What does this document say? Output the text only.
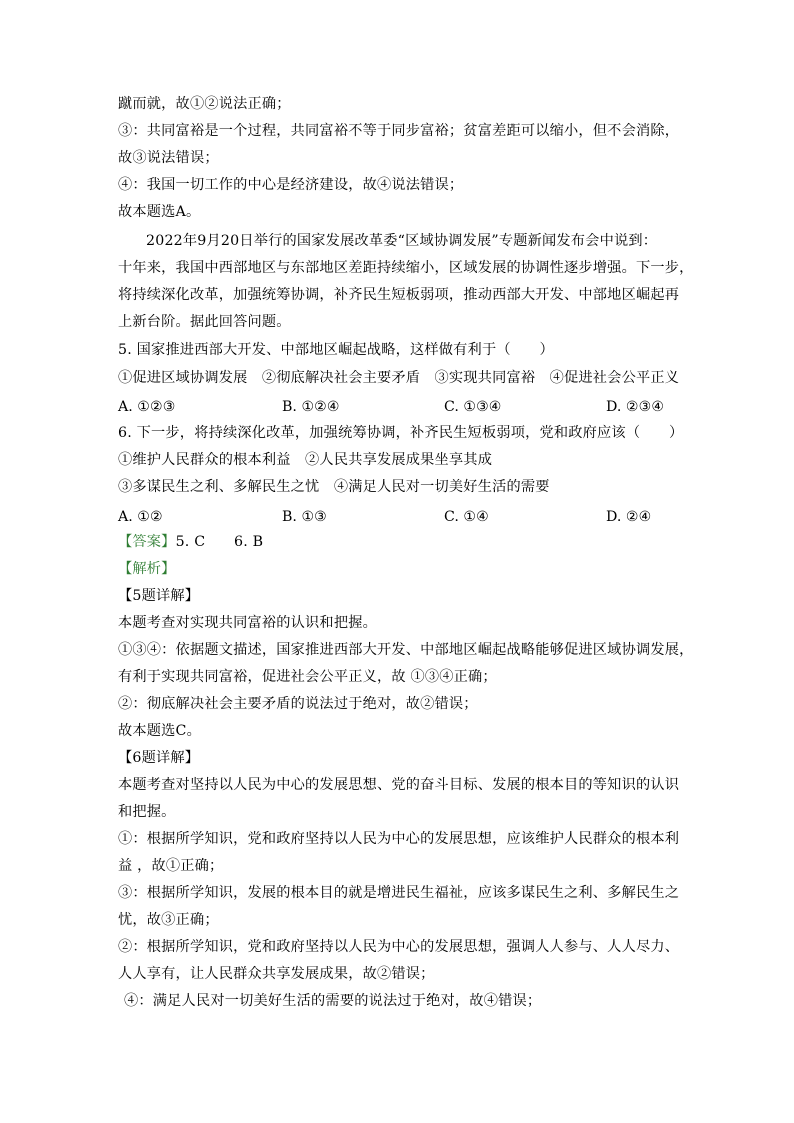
蹴而就，故①②说法正确；
③：共同富裕是一个过程，共同富裕不等于同步富裕；贫富差距可以缩小，但不会消除，
故③说法错误；
④：我国一切工作的中心是经济建设，故④说法错误；
故本题选A。
2022年9月20日举行的国家发展改革委“区域协调发展”专题新闻发布会中说到：
十年来，我国中西部地区与东部地区差距持续缩小，区域发展的协调性逐步增强。下一步，
将持续深化改革，加强统筹协调，补齐民生短板弱项，推动西部大开发、中部地区崛起再
上新台阶。据此回答问题。
5. 国家推进西部大开发、中部地区崛起战略，这样做有利于（　　）
①促进区域协调发展　②彻底解决社会主要矛盾　③实现共同富裕　④促进社会公平正义
A. ①②③	B. ①②④	C. ①③④	D. ②③④
6. 下一步，将持续深化改革，加强统筹协调，补齐民生短板弱项，党和政府应该（　　）
①维护人民群众的根本利益　②人民共享发展成果坐享其成
③多谋民生之利、多解民生之忧　④满足人民对一切美好生活的需要
A. ①②	B. ①③	C. ①④	D. ②④
【答案】5. C　　6. B
【解析】
【5题详解】
本题考查对实现共同富裕的认识和把握。
①③④：依据题文描述，国家推进西部大开发、中部地区崛起战略能够促进区域协调发展，
有利于实现共同富裕，促进社会公平正义，故 ①③④正确；
②：彻底解决社会主要矛盾的说法过于绝对，故②错误；
故本题选C。
【6题详解】
本题考查对坚持以人民为中心的发展思想、党的奋斗目标、发展的根本目的等知识的认识
和把握。
①：根据所学知识，党和政府坚持以人民为中心的发展思想，应该维护人民群众的根本利
益 ，故①正确；
③：根据所学知识，发展的根本目的就是增进民生福祉，应该多谋民生之利、多解民生之
忧，故③正确；
②：根据所学知识，党和政府坚持以人民为中心的发展思想，强调人人参与、人人尽力、
人人享有，让人民群众共享发展成果，故②错误；
④：满足人民对一切美好生活的需要的说法过于绝对，故④错误；
